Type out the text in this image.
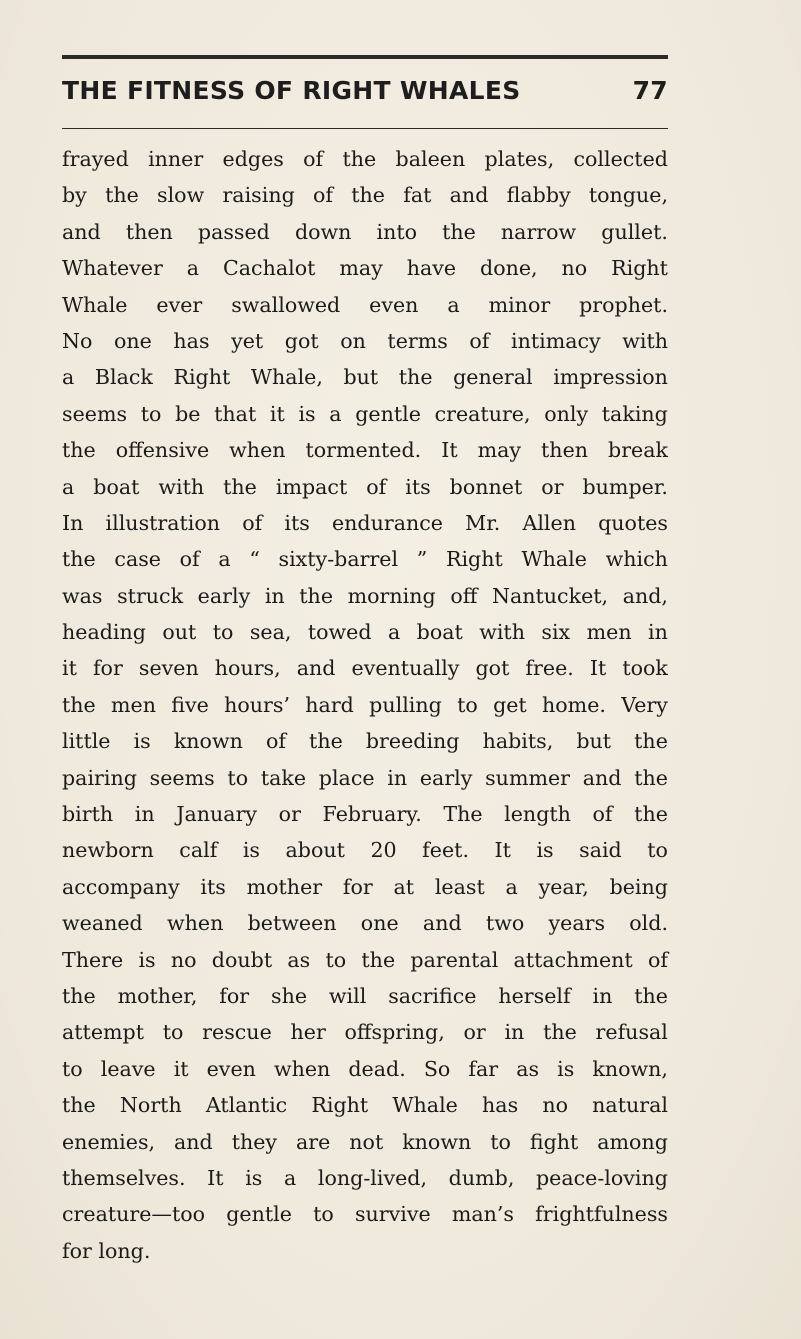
THE FITNESS OF RIGHT WHALES	77
frayed inner edges of the baleen plates, collected
by the slow raising of the fat and flabby tongue,
and then passed down into the narrow gullet.
Whatever a Cachalot may have done, no Right
Whale ever swallowed even a minor prophet.
No one has yet got on terms of intimacy with
a Black Right Whale, but the general impression
seems to be that it is a gentle creature, only taking
the offensive when tormented. It may then break
a boat with the impact of its bonnet or bumper.
In illustration of its endurance Mr. Allen quotes
the case of a “ sixty-barrel ” Right Whale which
was struck early in the morning off Nantucket, and,
heading out to sea, towed a boat with six men in
it for seven hours, and eventually got free. It took
the men five hours’ hard pulling to get home. Very
little is known of the breeding habits, but the
pairing seems to take place in early summer and the
birth in January or February. The length of the
newborn calf is about 20 feet. It is said to
accompany its mother for at least a year, being
weaned when between one and two years old.
There is no doubt as to the parental attachment of
the mother, for she will sacrifice herself in the
attempt to rescue her offspring, or in the refusal
to leave it even when dead. So far as is known,
the North Atlantic Right Whale has no natural
enemies, and they are not known to fight among
themselves. It is a long-lived, dumb, peace-loving
creature—too gentle to survive man’s frightfulness
for
long.
